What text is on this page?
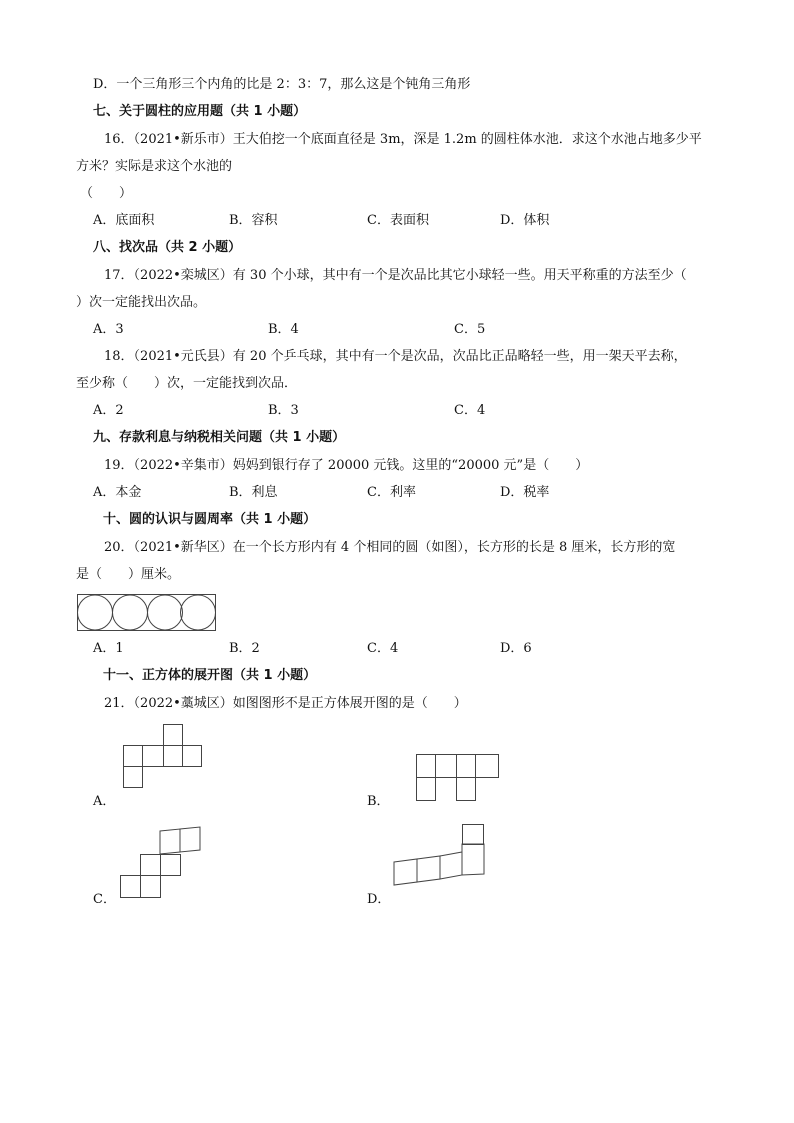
D．一个三角形三个内角的比是 2：3：7，那么这是个钝角三角形
七、关于圆柱的应用题（共 1 小题）
16．（2021•新乐市）王大伯挖一个底面直径是 3m，深是 1.2m 的圆柱体水池．求这个水池占地多少平
方米？实际是求这个水池的
（　　）
A．底面积	B．容积	C．表面积	D．体积
八、找次品（共 2 小题）
17．（2022•栾城区）有 30 个小球，其中有一个是次品比其它小球轻一些。用天平称重的方法至少（
）次一定能找出次品。
A．3	B．4	C．5
18．（2021•元氏县）有 20 个乒乓球，其中有一个是次品，次品比正品略轻一些，用一架天平去称，
至少称（　　）次，一定能找到次品．
A．2	B．3	C．4
九、存款利息与纳税相关问题（共 1 小题）
19．（2022•辛集市）妈妈到银行存了 20000 元钱。这里的“20000 元”是（　　）
A．本金	B．利息	C．利率	D．税率
十、圆的认识与圆周率（共 1 小题）
20．（2021•新华区）在一个长方形内有 4 个相同的圆（如图），长方形的长是 8 厘米，长方形的宽
是（　　）厘米。
A．1	B．2	C．4	D．6
十一、正方体的展开图（共 1 小题）
21．（2022•藁城区）如图图形不是正方体展开图的是（　　）
A．	B．
C．	D．
